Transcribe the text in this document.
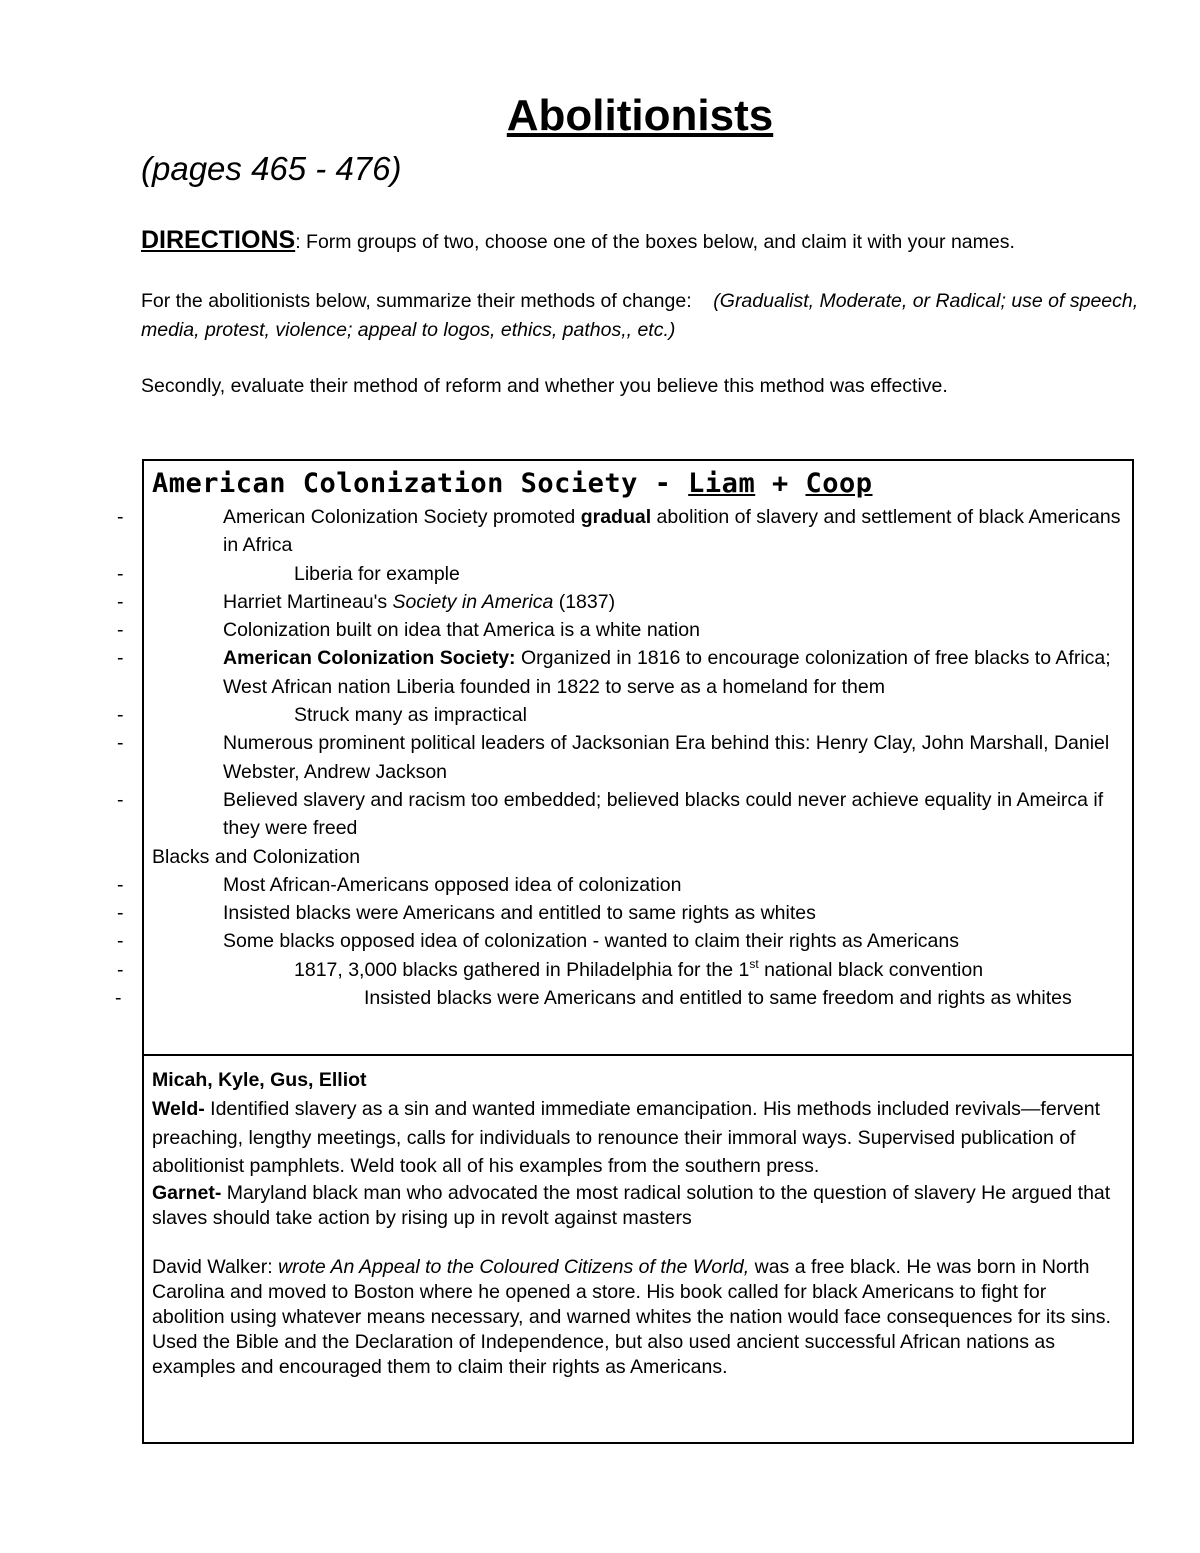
Abolitionists
(pages 465 - 476)

DIRECTIONS: Form groups of two, choose one of the boxes below, and claim it with your names.

For the abolitionists below, summarize their methods of change:    (Gradualist, Moderate, or Radical; use of speech, media, protest, violence; appeal to logos, ethics, pathos,, etc.)

Secondly, evaluate their method of reform and whether you believe this method was effective.

American Colonization Society - Liam + Coop
- American Colonization Society promoted gradual abolition of slavery and settlement of black Americans in Africa
- Liberia for example
- Harriet Martineau's Society in America (1837)
- Colonization built on idea that America is a white nation
- American Colonization Society: Organized in 1816 to encourage colonization of free blacks to Africa; West African nation Liberia founded in 1822 to serve as a homeland for them
- Struck many as impractical
- Numerous prominent political leaders of Jacksonian Era behind this: Henry Clay, John Marshall, Daniel Webster, Andrew Jackson
- Believed slavery and racism too embedded; believed blacks could never achieve equality in Ameirca if they were freed
Blacks and Colonization
- Most African-Americans opposed idea of colonization
- Insisted blacks were Americans and entitled to same rights as whites
- Some blacks opposed idea of colonization - wanted to claim their rights as Americans
- 1817, 3,000 blacks gathered in Philadelphia for the 1st national black convention
- Insisted blacks were Americans and entitled to same freedom and rights as whites
Micah, Kyle, Gus, Elliot
Weld- Identified slavery as a sin and wanted immediate emancipation. His methods included revivals—fervent preaching, lengthy meetings, calls for individuals to renounce their immoral ways. Supervised publication of abolitionist pamphlets. Weld took all of his examples from the southern press.
Garnet- Maryland black man who advocated the most radical solution to the question of slavery He argued that slaves should take action by rising up in revolt against masters
David Walker: wrote An Appeal to the Coloured Citizens of the World, was a free black. He was born in North Carolina and moved to Boston where he opened a store. His book called for black Americans to fight for abolition using whatever means necessary, and warned whites the nation would face consequences for its sins. Used the Bible and the Declaration of Independence, but also used ancient successful African nations as examples and encouraged them to claim their rights as Americans.
